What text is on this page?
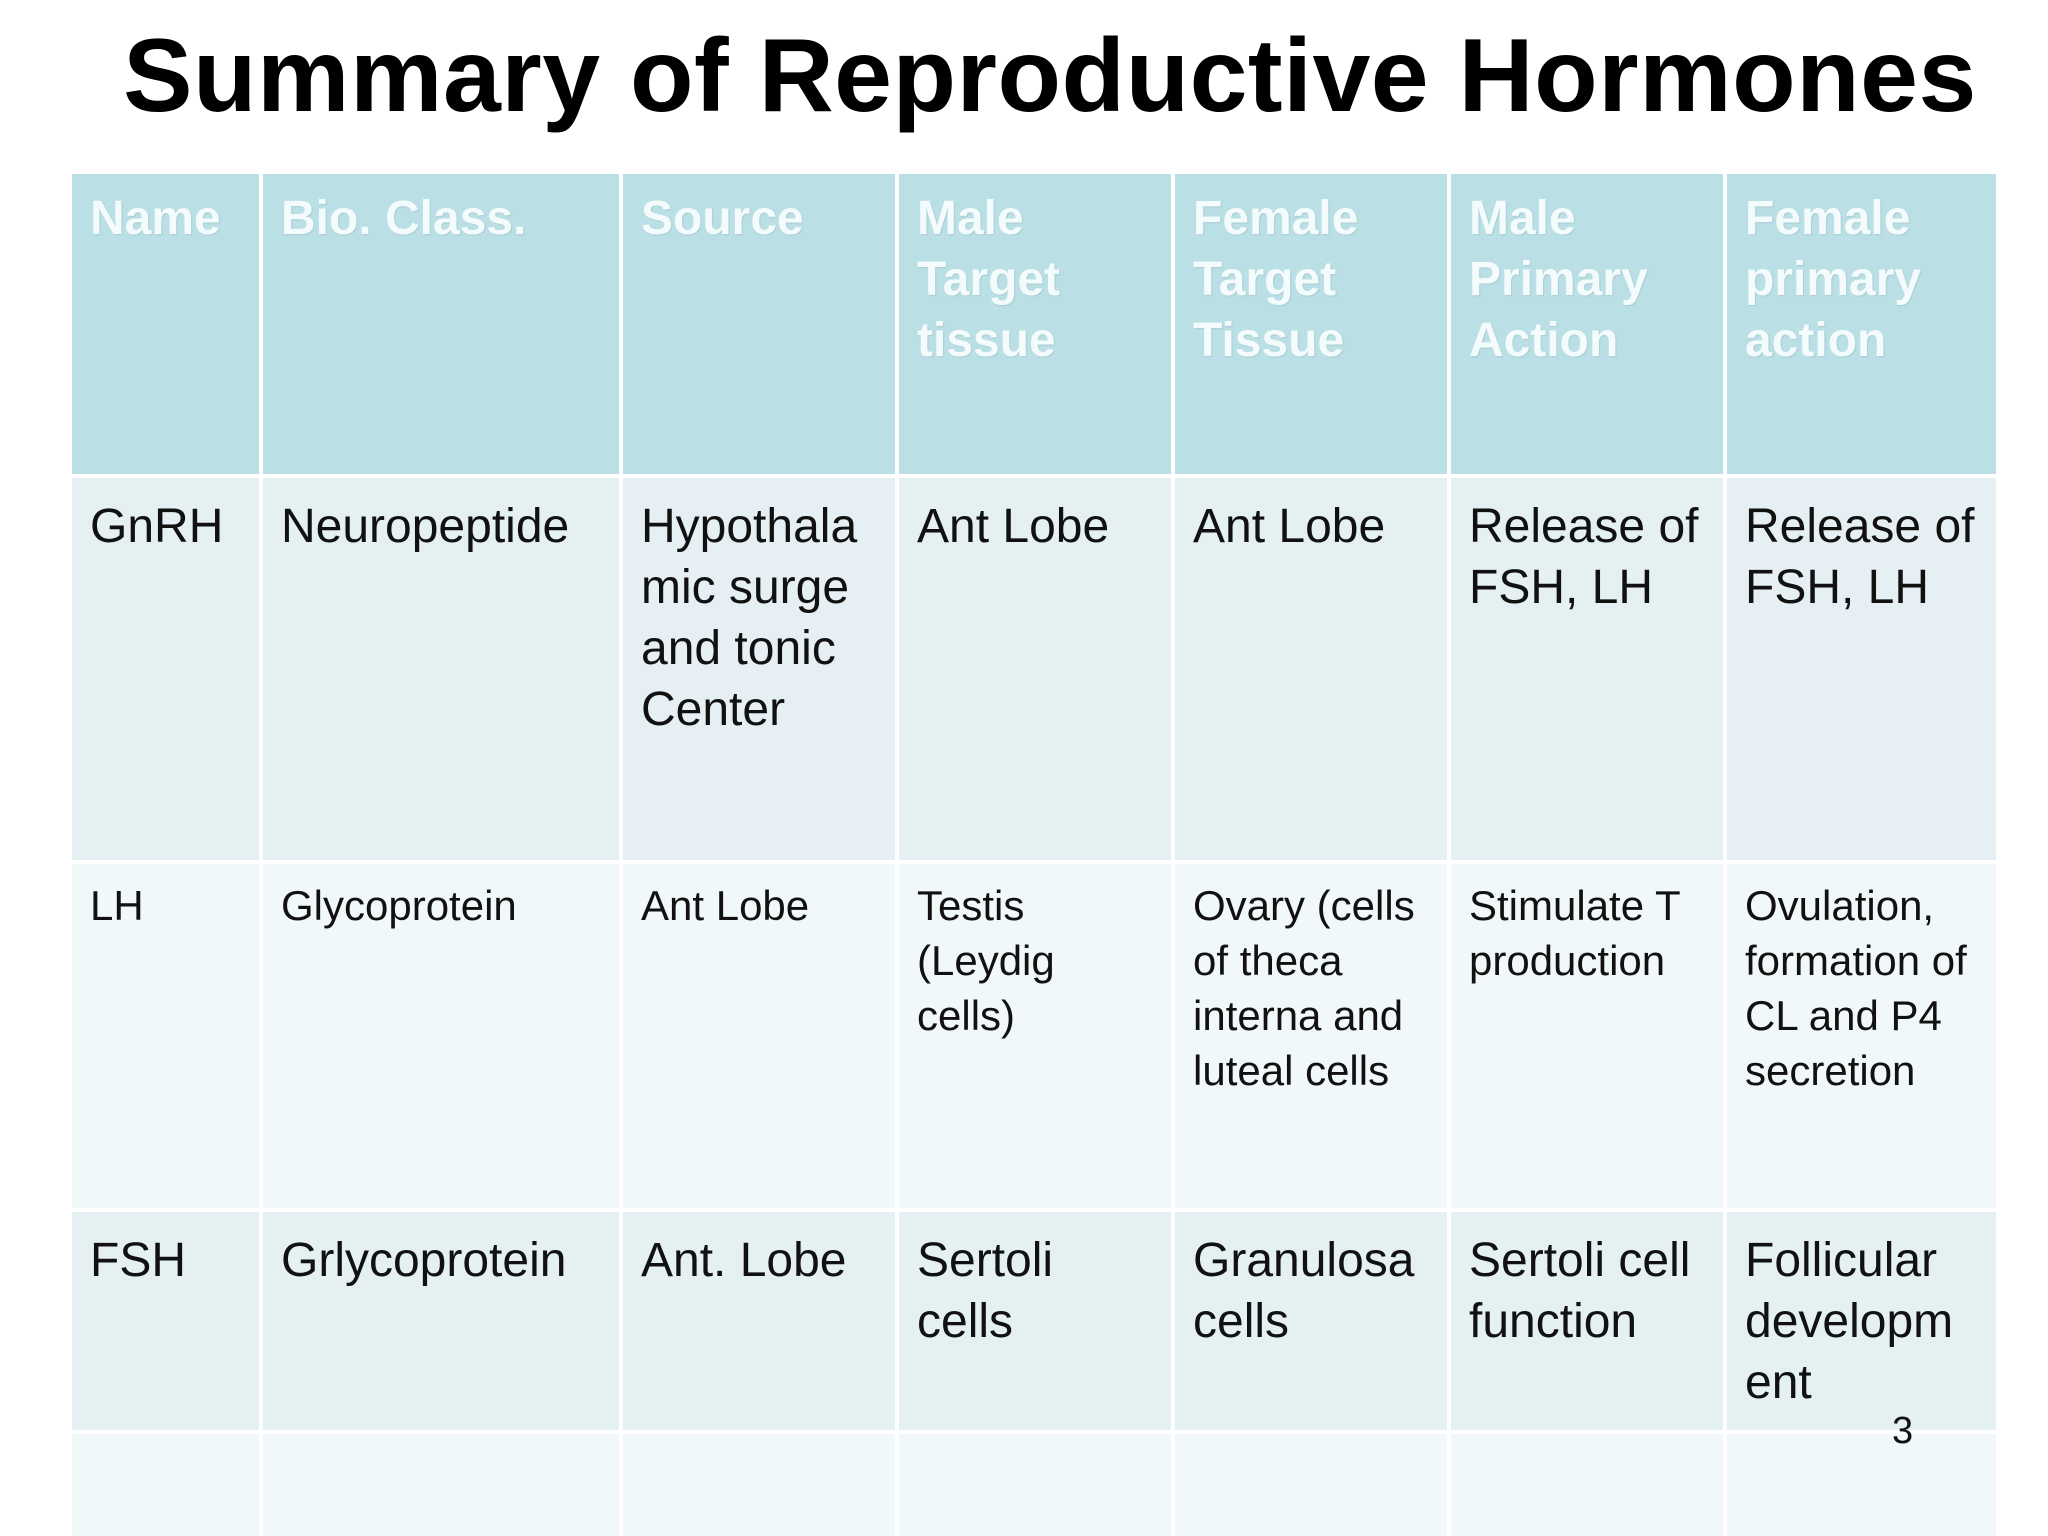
Summary of Reproductive Hormones
Name	Bio. Class.	Source	Male Target tissue	Female Target Tissue	Male Primary Action	Female primary action
GnRH	Neuropeptide	Hypothalamic surge and tonic Center	Ant Lobe	Ant Lobe	Release of FSH, LH	Release of FSH, LH
LH	Glycoprotein	Ant Lobe	Testis (Leydig cells)	Ovary (cells of theca interna and luteal cells	Stimulate T production	Ovulation, formation of CL and P4 secretion
FSH	Grlycoprotein	Ant. Lobe	Sertoli cells	Granulosa cells	Sertoli cell function	Follicular development

3
